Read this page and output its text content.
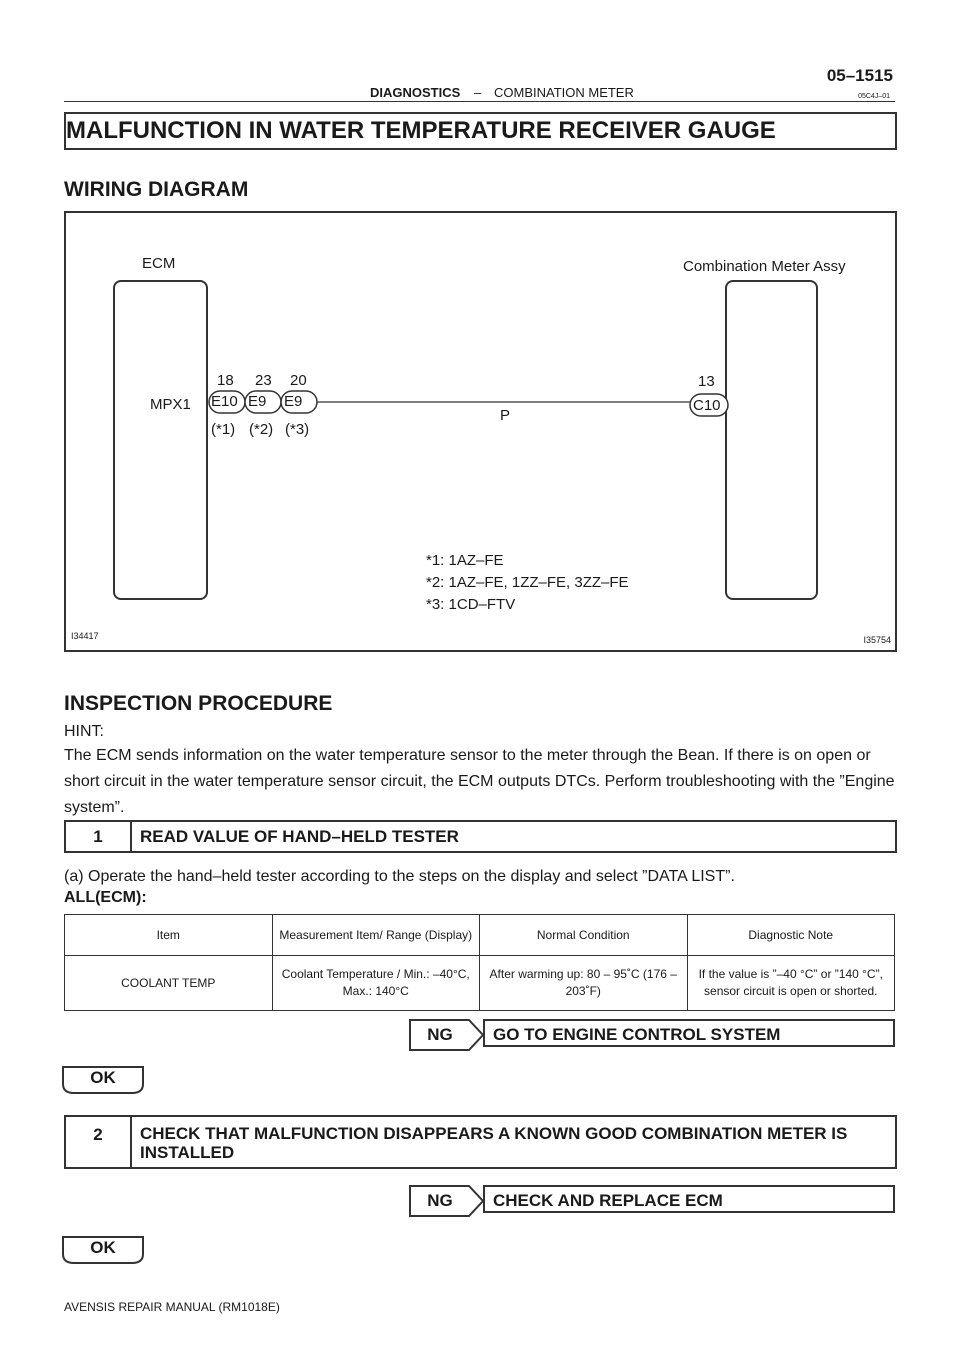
DIAGNOSTICS – COMBINATION METER
05–1515
05C4J–01
MALFUNCTION IN WATER TEMPERATURE RECEIVER GAUGE
WIRING DIAGRAM
ECM	Combination Meter Assy
MPX1
18 23 20
E10 E9 E9
(*1) (*2) (*3)
13
C10
P
*1: 1AZ–FE
*2: 1AZ–FE, 1ZZ–FE, 3ZZ–FE
*3: 1CD–FTV
I34417	I35754
INSPECTION PROCEDURE
HINT:
The ECM sends information on the water temperature sensor to the meter through the Bean. If there is on open or short circuit in the water temperature sensor circuit, the ECM outputs DTCs. Perform troubleshooting with the ”Engine system”.
1	READ VALUE OF HAND–HELD TESTER
(a) Operate the hand–held tester according to the steps on the display and select ”DATA LIST”.
ALL(ECM):
Item	Measurement Item/ Range (Display)	Normal Condition	Diagnostic Note
COOLANT TEMP	Coolant Temperature / Min.: –40°C, Max.: 140°C	After warming up: 80 – 95˚C (176 – 203˚F)	If the value is ”–40 °C” or ”140 °C”, sensor circuit is open or shorted.
NG	GO TO ENGINE CONTROL SYSTEM
OK
2	CHECK THAT MALFUNCTION DISAPPEARS A KNOWN GOOD COMBINATION METER IS INSTALLED
NG	CHECK AND REPLACE ECM
OK
AVENSIS REPAIR MANUAL (RM1018E)
